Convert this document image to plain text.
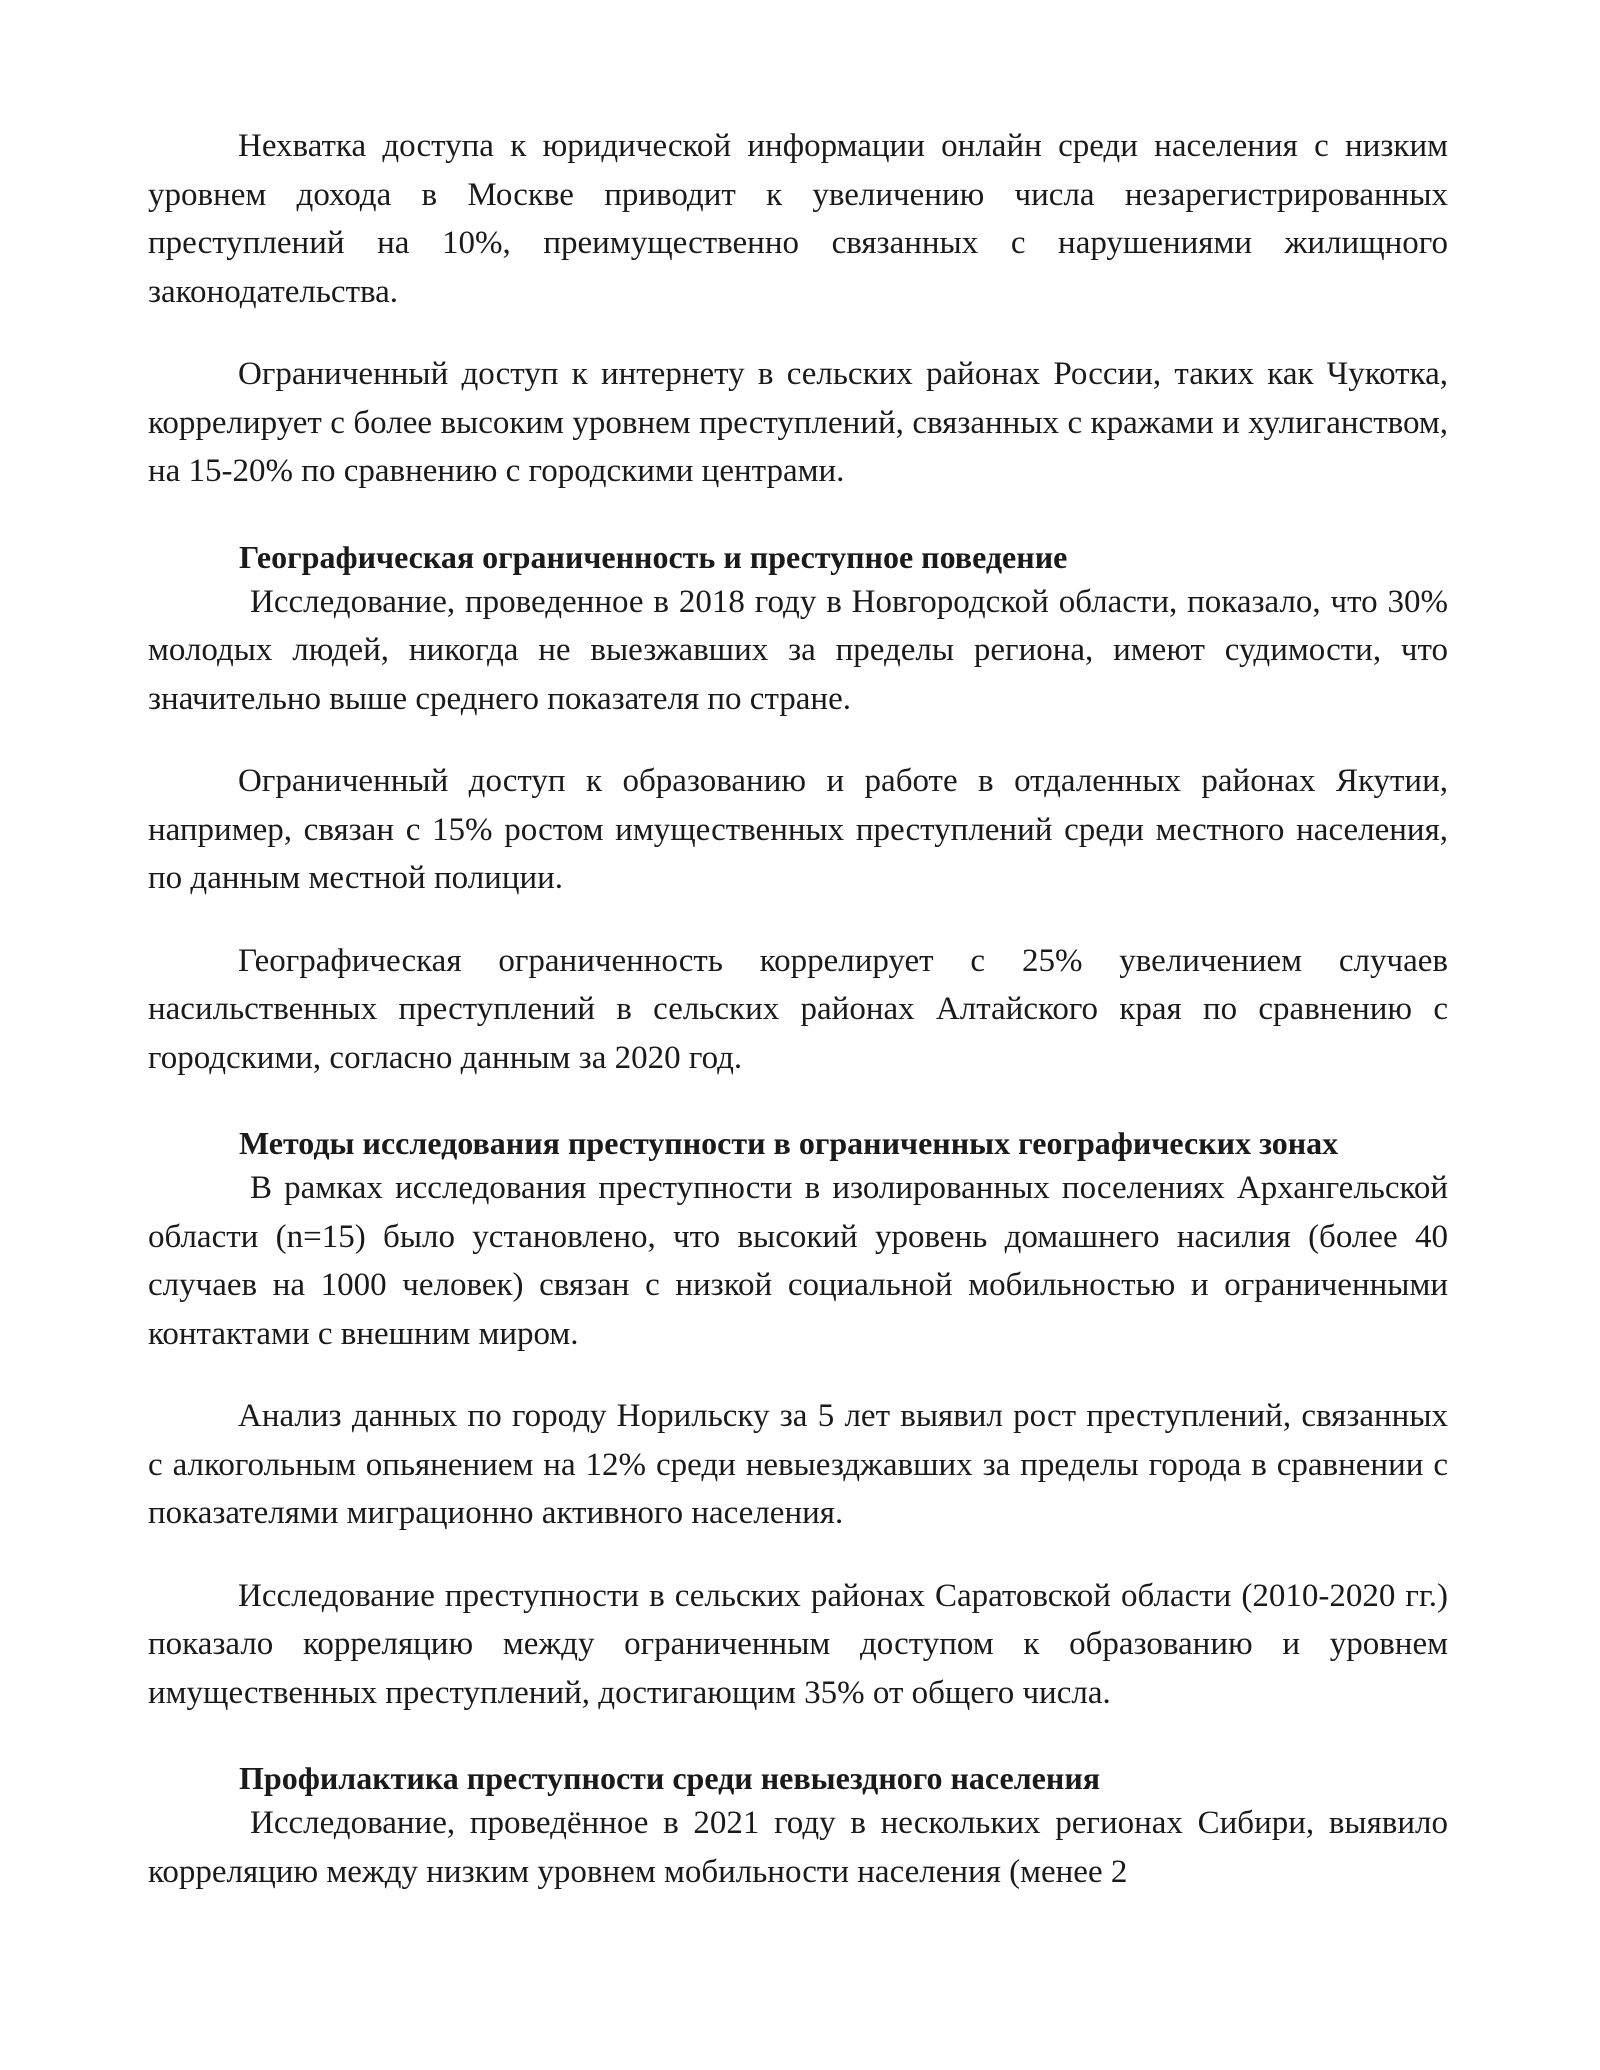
Нехватка доступа к юридической информации онлайн среди населения с низким уровнем дохода в Москве приводит к увеличению числа незарегистрированных преступлений на 10%, преимущественно связанных с нарушениями жилищного законодательства.

Ограниченный доступ к интернету в сельских районах России, таких как Чукотка, коррелирует с более высоким уровнем преступлений, связанных с кражами и хулиганством, на 15-20% по сравнению с городскими центрами.

Географическая ограниченность и преступное поведение

Исследование, проведенное в 2018 году в Новгородской области, показало, что 30% молодых людей, никогда не выезжавших за пределы региона, имеют судимости, что значительно выше среднего показателя по стране.

Ограниченный доступ к образованию и работе в отдаленных районах Якутии, например, связан с 15% ростом имущественных преступлений среди местного населения, по данным местной полиции.

Географическая ограниченность коррелирует с 25% увеличением случаев насильственных преступлений в сельских районах Алтайского края по сравнению с городскими, согласно данным за 2020 год.

Методы исследования преступности в ограниченных географических зонах

В рамках исследования преступности в изолированных поселениях Архангельской области (n=15) было установлено, что высокий уровень домашнего насилия (более 40 случаев на 1000 человек) связан с низкой социальной мобильностью и ограниченными контактами с внешним миром.

Анализ данных по городу Норильску за 5 лет выявил рост преступлений, связанных с алкогольным опьянением на 12% среди невыезджавших за пределы города в сравнении с показателями миграционно активного населения.

Исследование преступности в сельских районах Саратовской области (2010-2020 гг.) показало корреляцию между ограниченным доступом к образованию и уровнем имущественных преступлений, достигающим 35% от общего числа.

Профилактика преступности среди невыездного населения

Исследование, проведённое в 2021 году в нескольких регионах Сибири, выявило корреляцию между низким уровнем мобильности населения (менее 2
